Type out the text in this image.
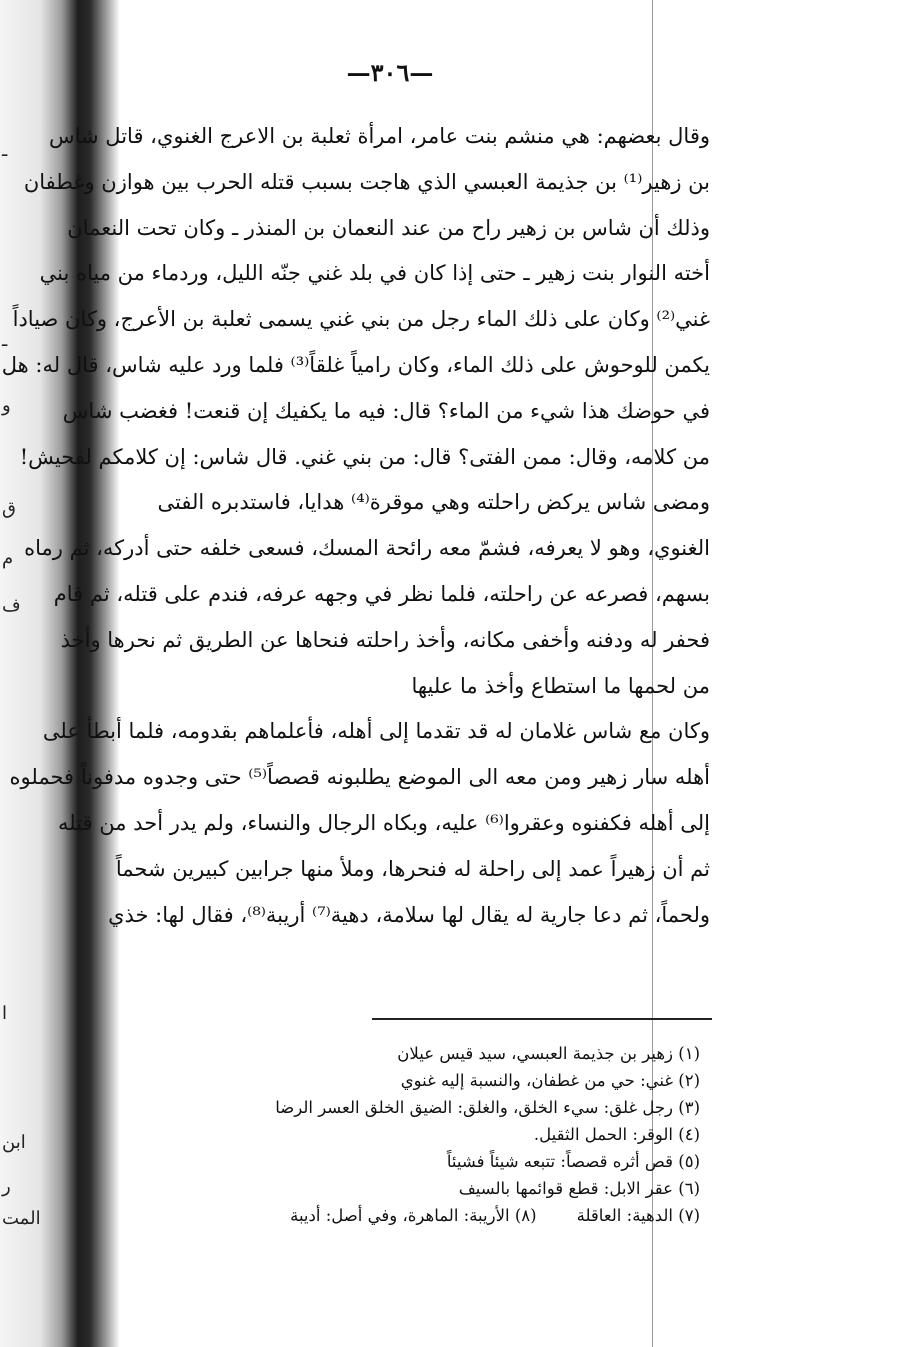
ـ
ـ
و
ق
م
ف
ا
ابن
ر
المت
—٣٠٦—
وقال بعضهم: هي منشم بنت عامر، امرأة ثعلبة بن الاعرج الغنوي، قاتل شاس
بن زهير⁽¹⁾ بن جذيمة العبسي الذي هاجت بسبب قتله الحرب بين هوازن وغطفان
وذلك أن شاس بن زهير راح من عند النعمان بن المنذر ـ وكان تحت النعمان
أخته النوار بنت زهير ـ حتى إذا كان في بلد غني جنّه الليل، وردماء من مياه بني
غني⁽²⁾ وكان على ذلك الماء رجل من بني غني يسمى ثعلبة بن الأعرج، وكان صياداً
يكمن للوحوش على ذلك الماء، وكان رامياً غلقاً⁽³⁾ فلما ورد عليه شاس، قال له: هل
في حوضك هذا شيء من الماء؟ قال: فيه ما يكفيك إن قنعت! فغضب شاس
من كلامه، وقال: ممن الفتى؟ قال: من بني غني. قال شاس: إن كلامكم لفحيش!
ومضى شاس يركض راحلته وهي موقرة⁽⁴⁾ هدايا، فاستدبره الفتى
الغنوي، وهو لا يعرفه، فشمّ معه رائحة المسك، فسعى خلفه حتى أدركه، ثم رماه
بسهم، فصرعه عن راحلته، فلما نظر في وجهه عرفه، فندم على قتله، ثم قام
فحفر له ودفنه وأخفى مكانه، وأخذ راحلته فنحاها عن الطريق ثم نحرها وأخذ
من لحمها ما استطاع وأخذ ما عليها
وكان مع شاس غلامان له قد تقدما إلى أهله، فأعلماهم بقدومه، فلما أبطأ على
أهله سار زهير ومن معه الى الموضع يطلبونه قصصاً⁽⁵⁾ حتى وجدوه مدفوناً فحملوه
إلى أهله فكفنوه وعقروا⁽⁶⁾ عليه، وبكاه الرجال والنساء، ولم يدر أحد من قتله
ثم أن زهيراً عمد إلى راحلة له فنحرها، وملأ منها جرابين كبيرين شحماً
ولحماً، ثم دعا جارية له يقال لها سلامة، دهية⁽⁷⁾ أريبة⁽⁸⁾، فقال لها: خذي
(١) زهير بن جذيمة العبسي، سيد قيس عيلان
(٢) غني: حي من غطفان، والنسبة إليه غنوي
(٣) رجل غلق: سيء الخلق، والغلق: الضيق الخلق العسر الرضا
(٤) الوقر: الحمل الثقيل.
(٥) قص أثره قصصاً: تتبعه شيئاً فشيئاً
(٦) عقر الابل: قطع قوائمها بالسيف
(٧) الدهية: العاقلة
(٨) الأريبة: الماهرة، وفي أصل: أديبة
